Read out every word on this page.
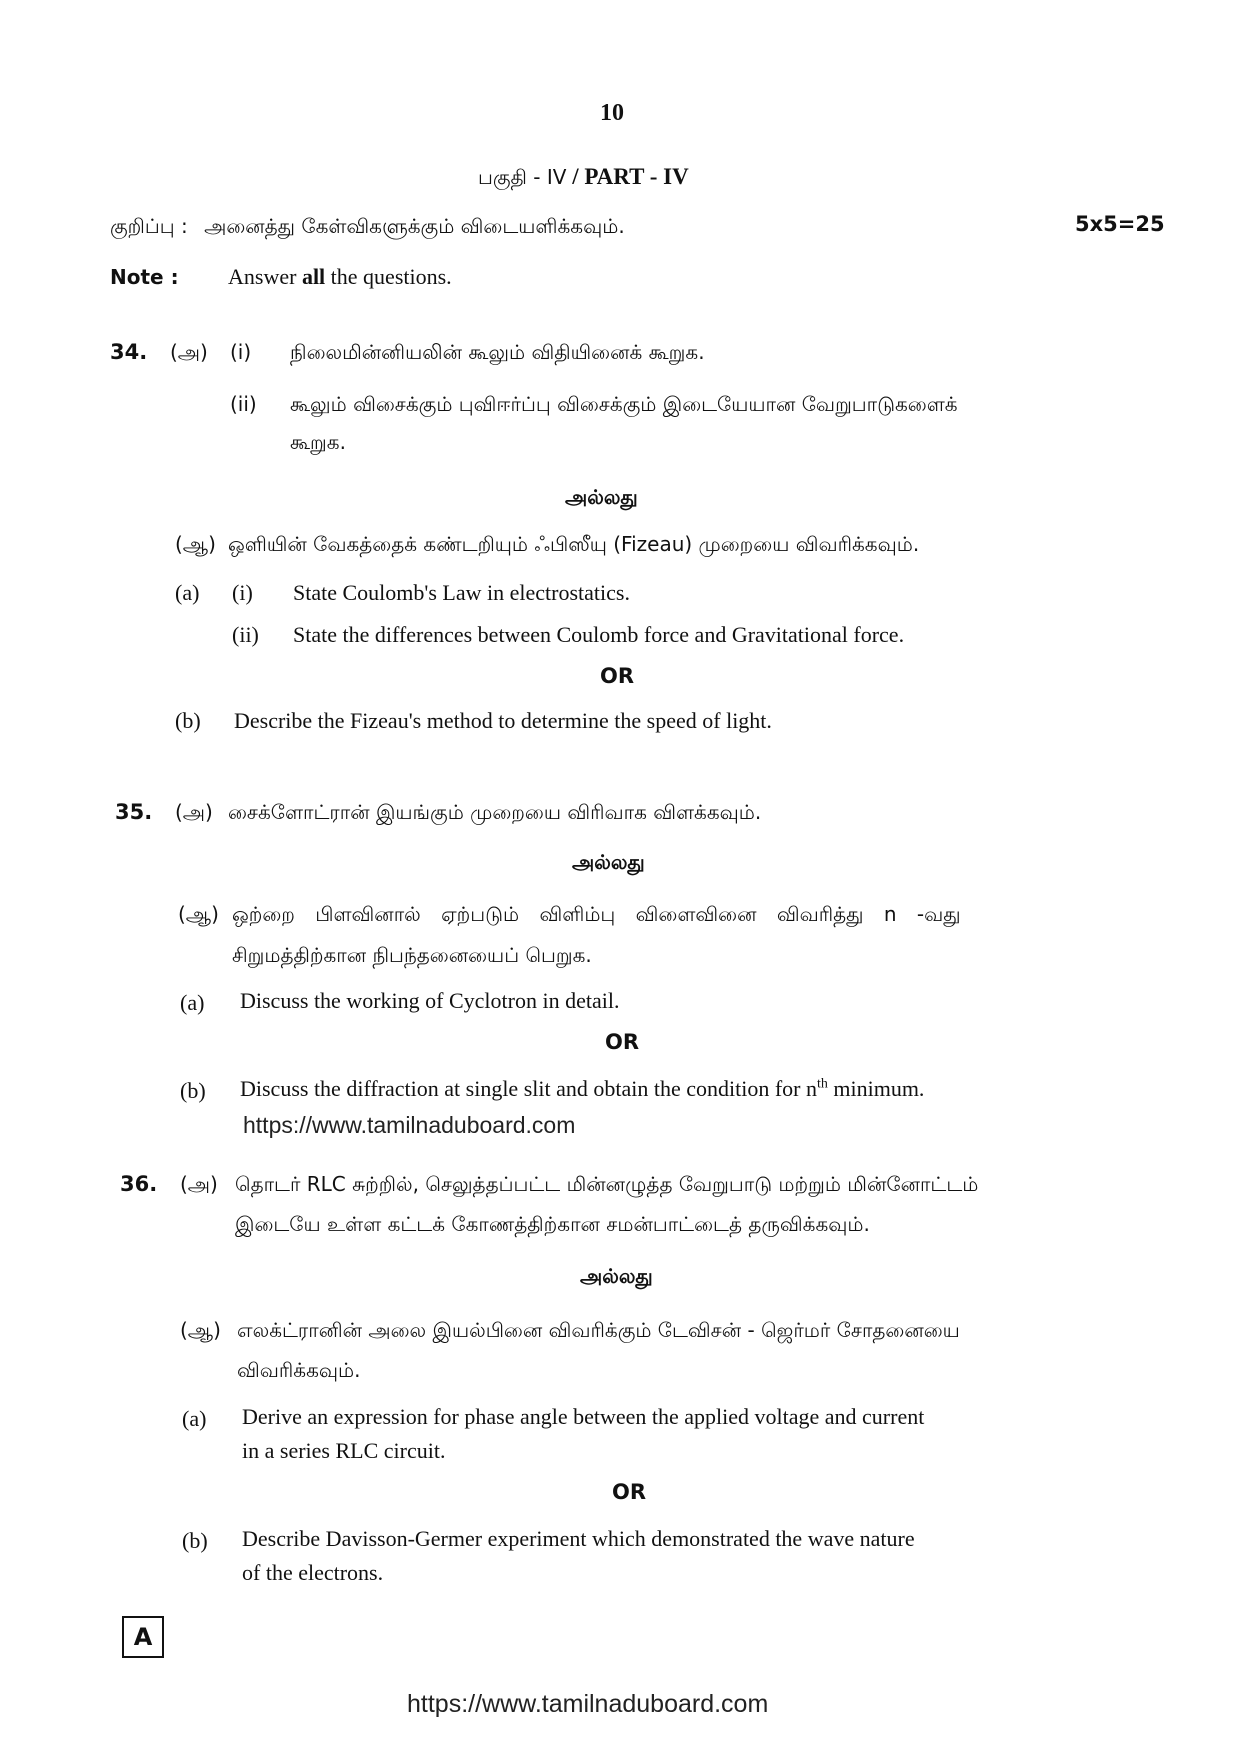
10
பகுதி - IV / PART - IV
குறிப்பு : அனைத்து கேள்விகளுக்கும் விடையளிக்கவும்.	5x5=25
Note : Answer all the questions.
34. (அ) (i) நிலைமின்னியலின் கூலும் விதியினைக் கூறுக.
(ii) கூலும் விசைக்கும் புவிஈர்ப்பு விசைக்கும் இடையேயான வேறுபாடுகளைக்
கூறுக.
அல்லது
(ஆ) ஒளியின் வேகத்தைக் கண்டறியும் ஃபிஸீயு (Fizeau) முறையை விவரிக்கவும்.
(a) (i) State Coulomb's Law in electrostatics.
(ii) State the differences between Coulomb force and Gravitational force.
OR
(b) Describe the Fizeau's method to determine the speed of light.
35. (அ) சைக்ளோட்ரான் இயங்கும் முறையை விரிவாக விளக்கவும்.
அல்லது
(ஆ) ஒற்றை பிளவினால் ஏற்படும் விளிம்பு விளைவினை விவரித்து n -வது
சிறுமத்திற்கான நிபந்தனையைப் பெறுக.
(a) Discuss the working of Cyclotron in detail.
OR
(b) Discuss the diffraction at single slit and obtain the condition for $n^{th}$ minimum.
https://www.tamilnaduboard.com
36. (அ) தொடர் RLC சுற்றில், செலுத்தப்பட்ட மின்னழுத்த வேறுபாடு மற்றும் மின்னோட்டம்
இடையே உள்ள கட்டக் கோணத்திற்கான சமன்பாட்டைத் தருவிக்கவும்.
அல்லது
(ஆ) எலக்ட்ரானின் அலை இயல்பினை விவரிக்கும் டேவிசன் - ஜெர்மர் சோதனையை
விவரிக்கவும்.
(a) Derive an expression for phase angle between the applied voltage and current
in a series RLC circuit.
OR
(b) Describe Davisson-Germer experiment which demonstrated the wave nature
of the electrons.
A
https://www.tamilnaduboard.com
